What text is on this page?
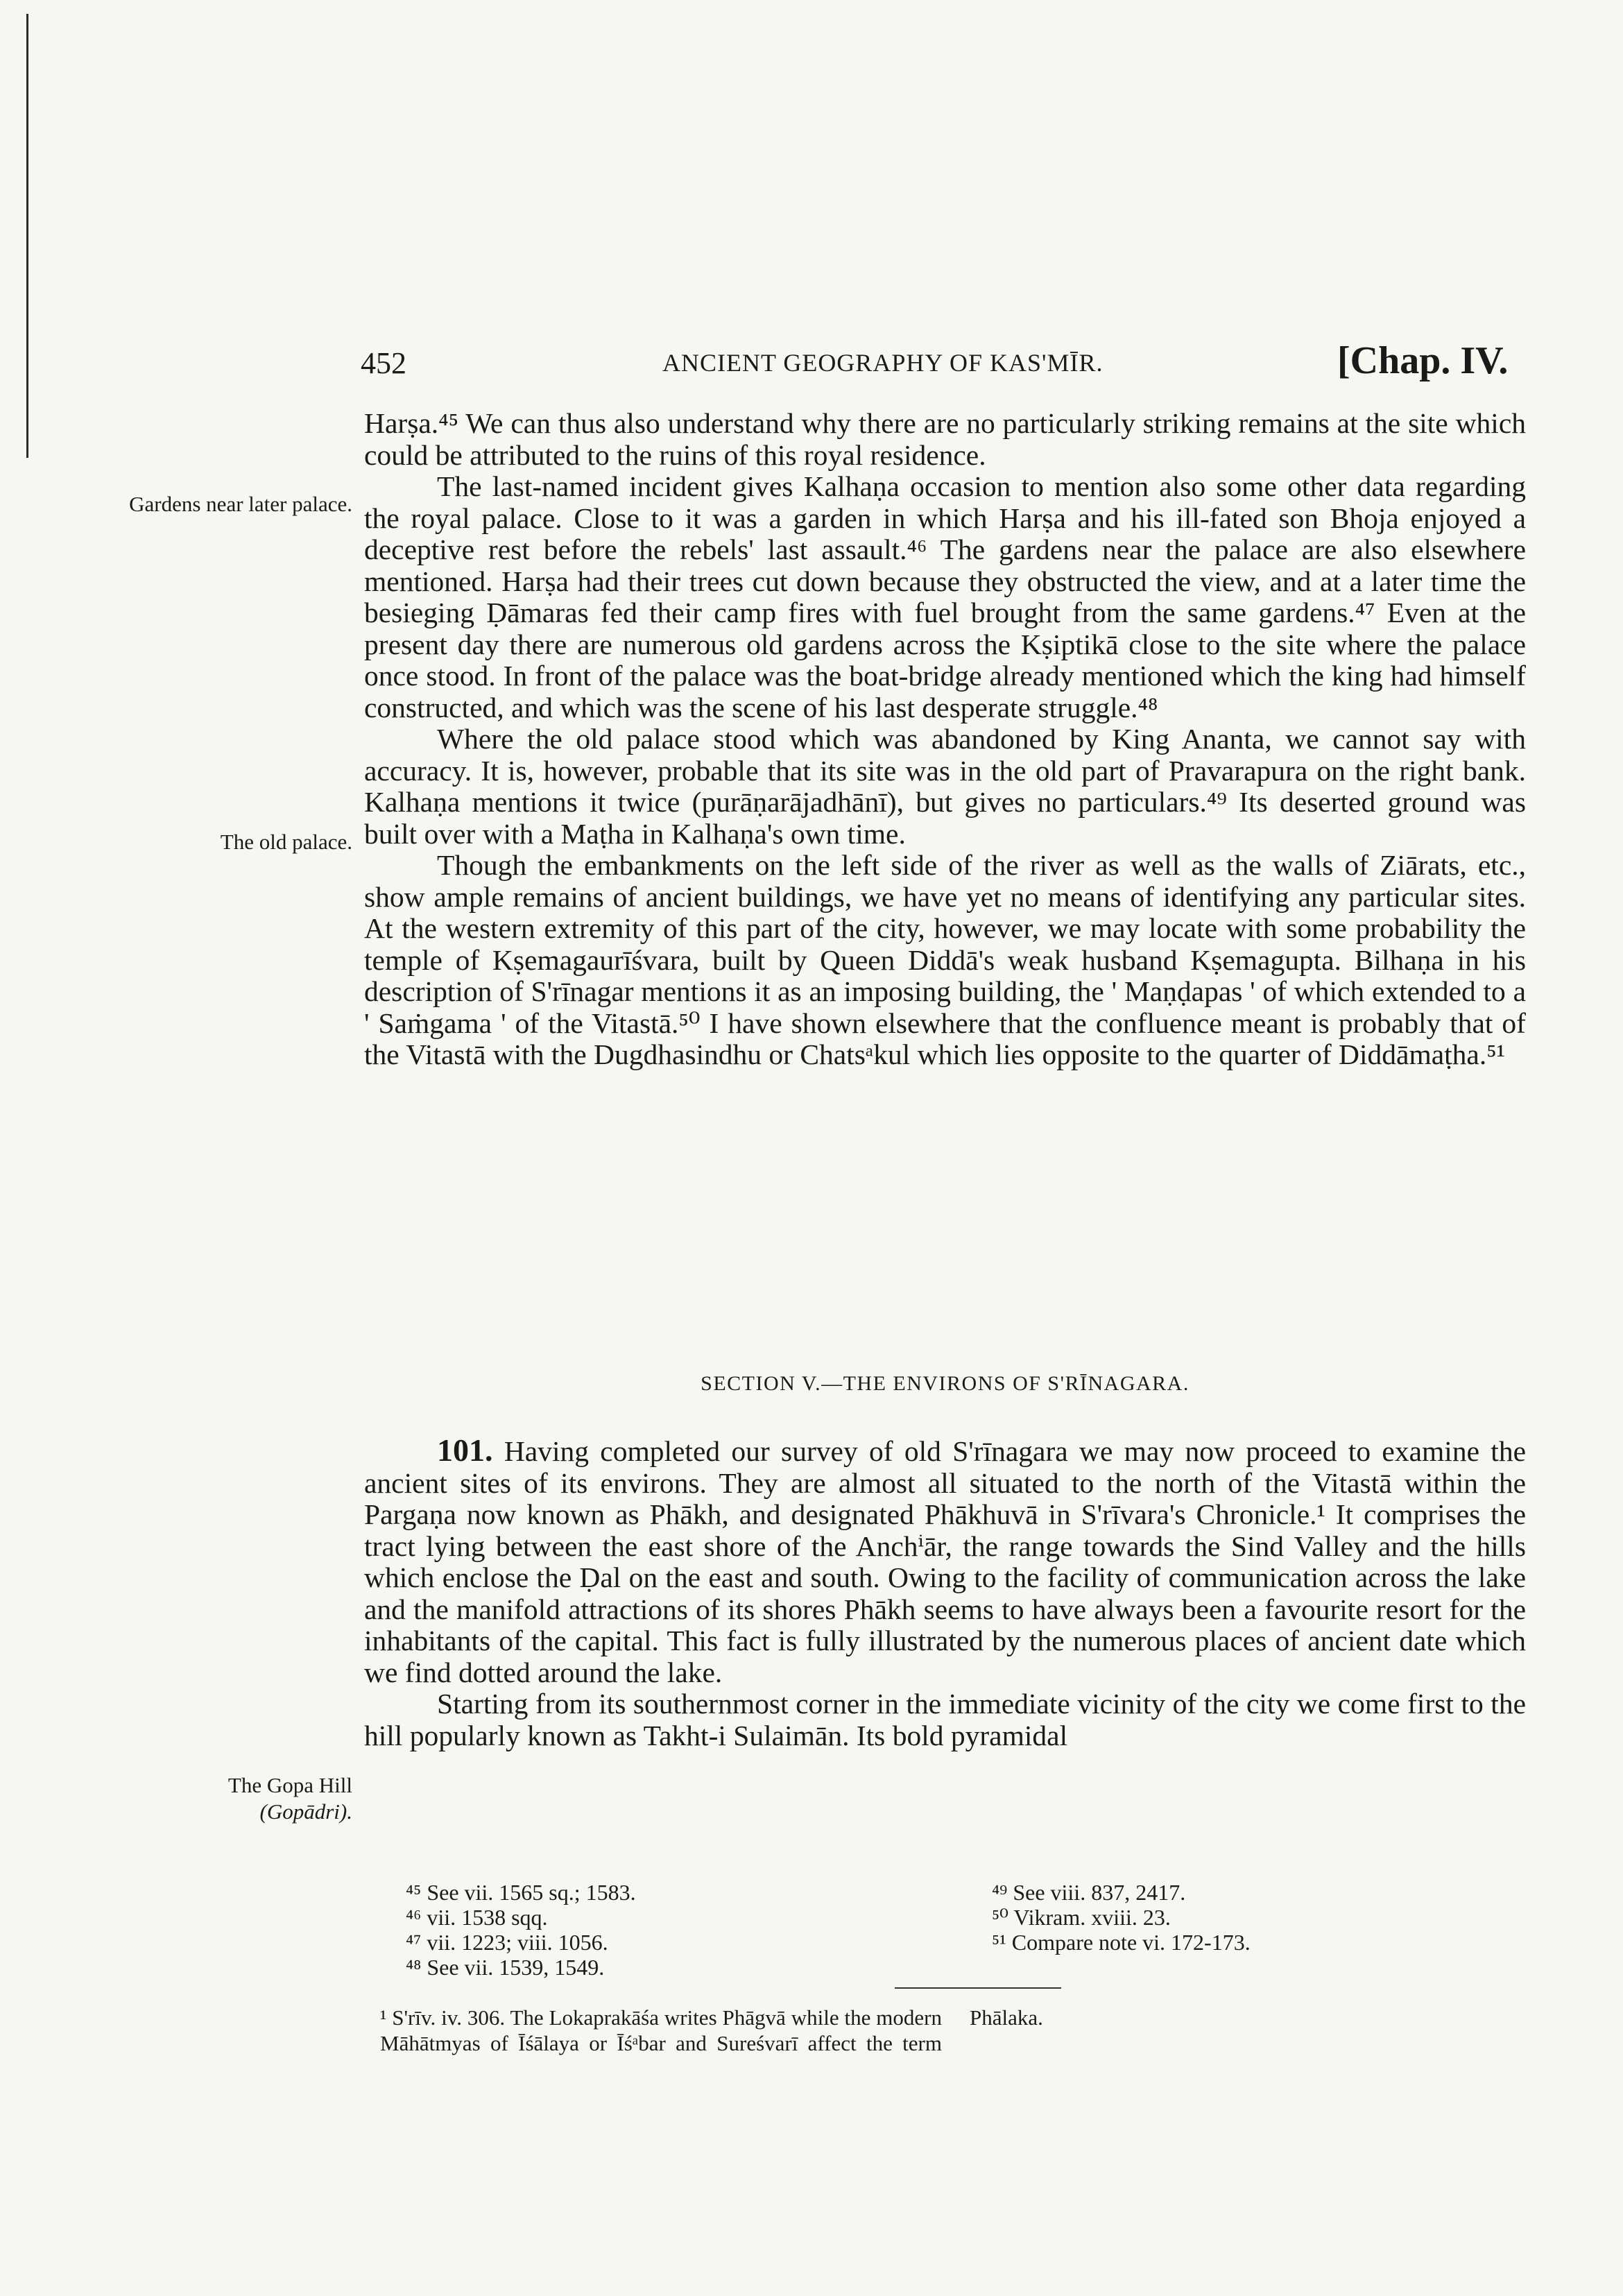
452	ANCIENT GEOGRAPHY OF KAS'MĪR.	[Chap. IV.
Gardens near later palace.
The old palace.
The Gopa Hill
(Gopādri).

Harṣa.⁴⁵ We can thus also understand why there are no particularly striking remains at the site which could be attributed to the ruins of this royal residence.

The last-named incident gives Kalhaṇa occasion to mention also some other data regarding the royal palace. Close to it was a garden in which Harṣa and his ill-fated son Bhoja enjoyed a deceptive rest before the rebels' last assault.⁴⁶ The gardens near the palace are also elsewhere mentioned. Harṣa had their trees cut down because they obstructed the view, and at a later time the besieging Ḍāmaras fed their camp fires with fuel brought from the same gardens.⁴⁷ Even at the present day there are numerous old gardens across the Kṣiptikā close to the site where the palace once stood. In front of the palace was the boat-bridge already mentioned which the king had himself constructed, and which was the scene of his last desperate struggle.⁴⁸

Where the old palace stood which was abandoned by King Ananta, we cannot say with accuracy. It is, however, probable that its site was in the old part of Pravarapura on the right bank. Kalhaṇa mentions it twice (purāṇarājadhānī), but gives no particulars.⁴⁹ Its deserted ground was built over with a Maṭha in Kalhaṇa's own time.

Though the embankments on the left side of the river as well as the walls of Ziārats, etc., show ample remains of ancient buildings, we have yet no means of identifying any particular sites. At the western extremity of this part of the city, however, we may locate with some probability the temple of Kṣemagaurīśvara, built by Queen Diddā's weak husband Kṣemagupta. Bilhaṇa in his description of S'rīnagar mentions it as an imposing building, the ' Maṇḍapas ' of which extended to a ' Saṁgama ' of the Vitastā.⁵⁰ I have shown elsewhere that the confluence meant is probably that of the Vitastā with the Dugdhasindhu or Chatsᵃkul which lies opposite to the quarter of Diddāmaṭha.⁵¹

SECTION V.—THE ENVIRONS OF S'RĪNAGARA.

101. Having completed our survey of old S'rīnagara we may now proceed to examine the ancient sites of its environs. They are almost all situated to the north of the Vitastā within the Pargaṇa now known as Phākh, and designated Phākhuvā in S'rīvara's Chronicle.¹ It comprises the tract lying between the east shore of the Anchⁱār, the range towards the Sind Valley and the hills which enclose the Ḍal on the east and south. Owing to the facility of communication across the lake and the manifold attractions of its shores Phākh seems to have always been a favourite resort for the inhabitants of the capital. This fact is fully illustrated by the numerous places of ancient date which we find dotted around the lake.

Starting from its southernmost corner in the immediate vicinity of the city we come first to the hill popularly known as Takht-i Sulaimān. Its bold pyramidal

⁴⁵ See vii. 1565 sq.; 1583.
⁴⁶ vii. 1538 sqq.
⁴⁷ vii. 1223; viii. 1056.
⁴⁸ See vii. 1539, 1549.
⁴⁹ See viii. 837, 2417.
⁵⁰ Vikram. xviii. 23.
⁵¹ Compare note vi. 172-173.

¹ S'rīv. iv. 306. The Lokaprakāśa writes Phāgvā while the modern Māhātmyas of Īśālaya or Īśᵃbar and Sureśvarī affect the term Phālaka.
